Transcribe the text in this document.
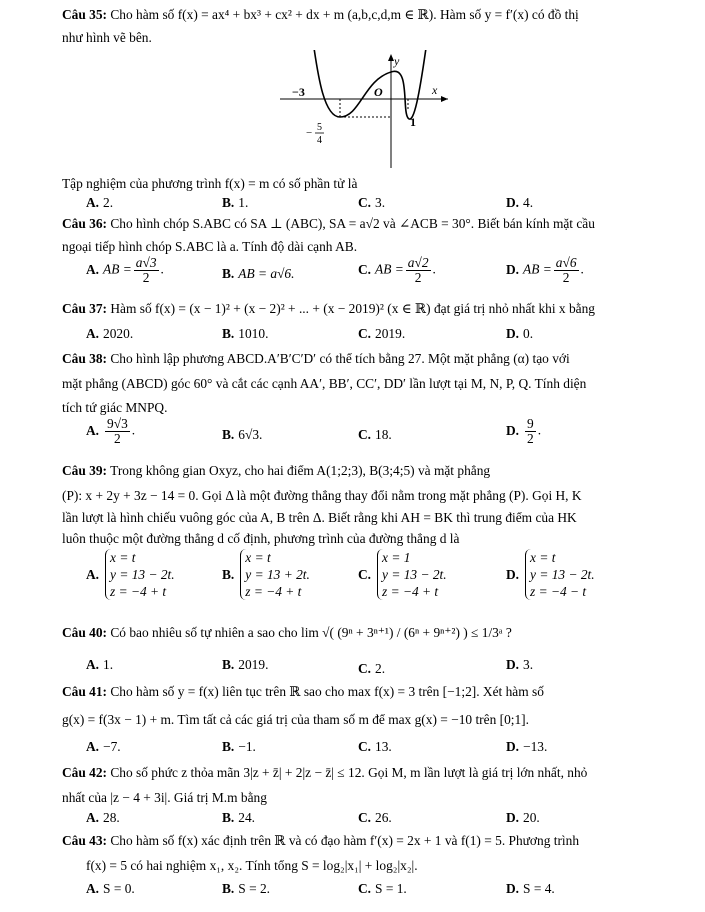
Câu 35: Cho hàm số f(x) = ax⁴ + bx³ + cx² + dx + m (a,b,c,d,m ∈ ℝ). Hàm số y = f′(x) có đồ thị
như hình vẽ bên.
y
x
O
−3
1
− 5
4
Tập nghiệm của phương trình f(x) = m có số phần tử là
A. 2.	B. 1.	C. 3.	D. 4.
Câu 36: Cho hình chóp S.ABC có SA ⊥ (ABC), SA = a√2 và ∠ACB = 30°. Biết bán kính mặt cầu
ngoại tiếp hình chóp S.ABC là a. Tính độ dài cạnh AB.
A. AB = $\frac{a√3}{2}$ .	B. AB = a√6.	C. AB = $\frac{a√2}{2}$ .	D. AB = $\frac{a√6}{2}$ .
Câu 37: Hàm số f(x) = (x − 1)² + (x − 2)² + ... + (x − 2019)² (x ∈ ℝ) đạt giá trị nhỏ nhất khi x bằng
A. 2020.	B. 1010.	C. 2019.	D. 0.
Câu 38: Cho hình lập phương ABCD.A′B′C′D′ có thể tích bằng 27. Một mặt phẳng (α) tạo với
mặt phẳng (ABCD) góc 60° và cắt các cạnh AA′, BB′, CC′, DD′ lần lượt tại M, N, P, Q. Tính diện
tích tứ giác MNPQ.
A. $\frac{9√3}{2}$ .	B. 6√3.	C. 18.	D. $\frac{9}{2}$ .
Câu 39: Trong không gian Oxyz, cho hai điểm A(1;2;3), B(3;4;5) và mặt phẳng
(P): x + 2y + 3z − 14 = 0. Gọi Δ là một đường thẳng thay đổi nằm trong mặt phẳng (P). Gọi H, K
lần lượt là hình chiếu vuông góc của A, B trên Δ. Biết rằng khi AH = BK thì trung điểm của HK
luôn thuộc một đường thẳng d cố định, phương trình của đường thẳng d là
A.
x = t
y = 13 − 2t.
z = −4 + t
B.
x = t
y = 13 + 2t.
z = −4 + t
C.
x = 1
y = 13 − 2t.
z = −4 + t
D.
x = t
y = 13 − 2t.
z = −4 − t
Câu 40: Có bao nhiêu số tự nhiên a sao cho lim √( (9ⁿ + 3ⁿ⁺¹) / (6ⁿ + 9ⁿ⁺²) ) ≤ 1/3ᵃ ?
A. 1.	B. 2019.	C. 2.	D. 3.
Câu 41: Cho hàm số y = f(x) liên tục trên ℝ sao cho max f(x) = 3 trên [−1;2]. Xét hàm số
g(x) = f(3x − 1) + m. Tìm tất cả các giá trị của tham số m để max g(x) = −10 trên [0;1].
A. −7.	B. −1.	C. 13.	D. −13.
Câu 42: Cho số phức z thỏa mãn 3|z + z̄| + 2|z − z̄| ≤ 12. Gọi M, m lần lượt là giá trị lớn nhất, nhỏ
nhất của |z − 4 + 3i|. Giá trị M.m bằng
A. 28.	B. 24.	C. 26.	D. 20.
Câu 43: Cho hàm số f(x) xác định trên ℝ và có đạo hàm f′(x) = 2x + 1 và f(1) = 5. Phương trình
f(x) = 5 có hai nghiệm x₁, x₂. Tính tổng S = log₂|x₁| + log₂|x₂|.
A. S = 0.	B. S = 2.	C. S = 1.	D. S = 4.
